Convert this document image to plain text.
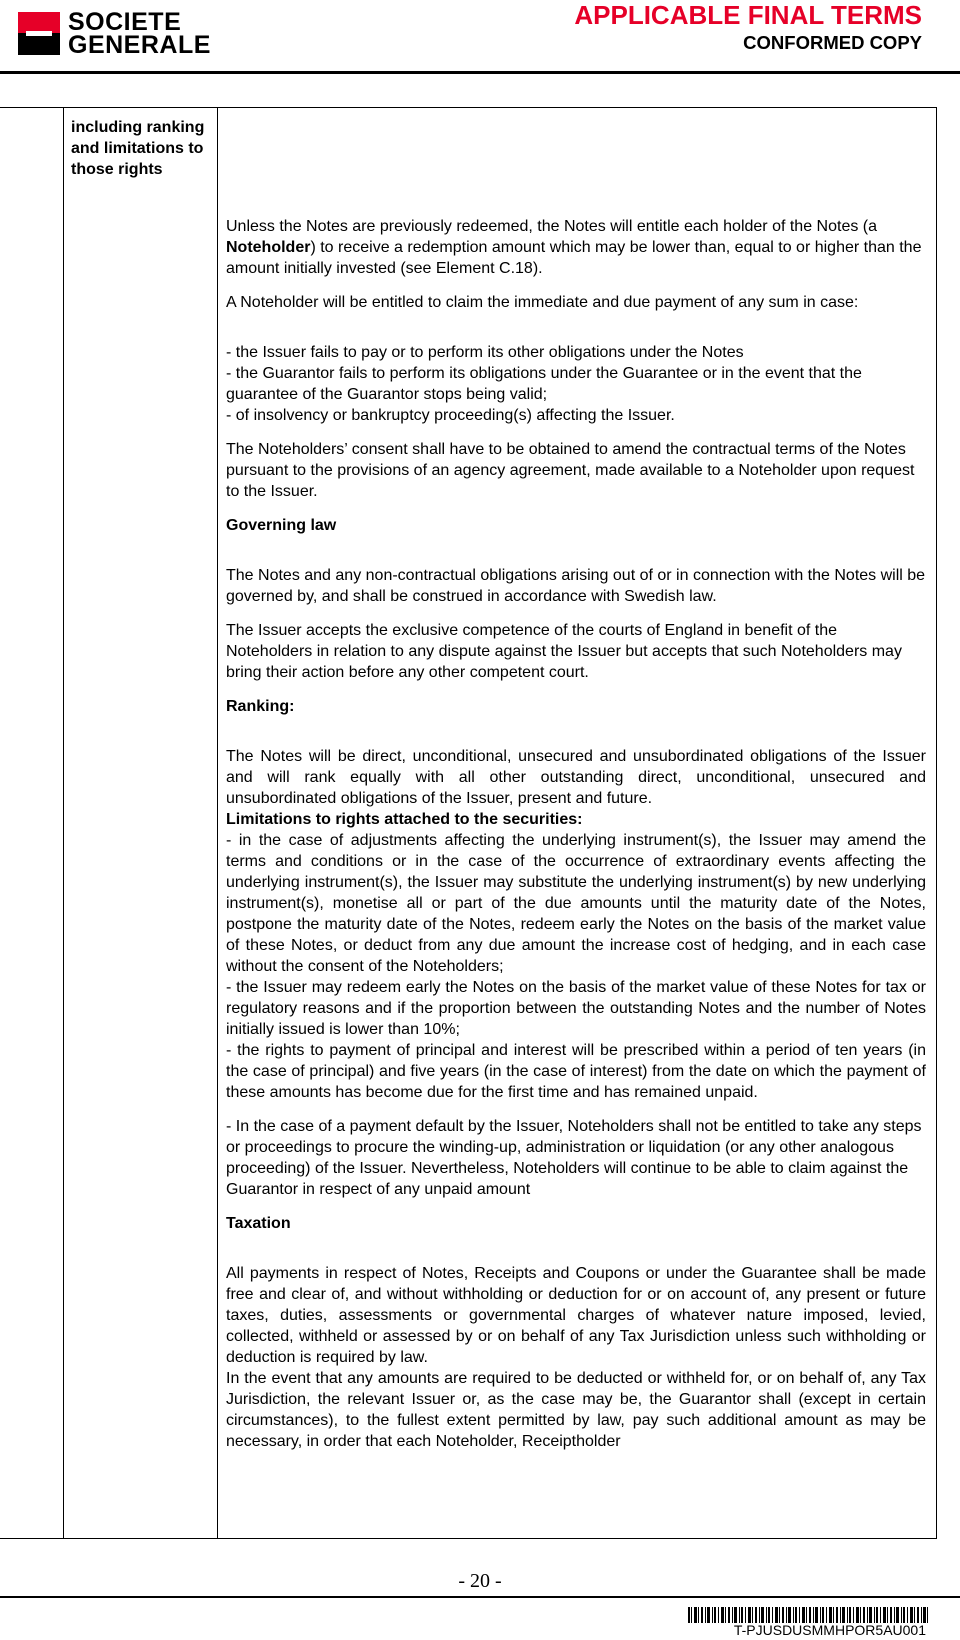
SOCIETE
GENERALE
APPLICABLE FINAL TERMS
CONFORMED COPY
including ranking and limitations to those rights

Unless the Notes are previously redeemed, the Notes will entitle each holder of the Notes (a Noteholder) to receive a redemption amount which may be lower than, equal to or higher than the amount initially invested (see Element C.18).

A Noteholder will be entitled to claim the immediate and due payment of any sum in case:

- the Issuer fails to pay or to perform its other obligations under the Notes

- the Guarantor fails to perform its obligations under the Guarantee or in the event that the guarantee of the Guarantor stops being valid;

- of insolvency or bankruptcy proceeding(s) affecting the Issuer.

The Noteholders’ consent shall have to be obtained to amend the contractual terms of the Notes pursuant to the provisions of an agency agreement, made available to a Noteholder upon request to the Issuer.

Governing law

The Notes and any non-contractual obligations arising out of or in connection with the Notes will be governed by, and shall be construed in accordance with Swedish law.

The Issuer accepts the exclusive competence of the courts of England in benefit of the Noteholders in relation to any dispute against the Issuer but accepts that such Noteholders may bring their action before any other competent court.

Ranking:

The Notes will be direct, unconditional, unsecured and unsubordinated obligations of the Issuer and will rank equally with all other outstanding direct, unconditional, unsecured and unsubordinated obligations of the Issuer, present and future.

Limitations to rights attached to the securities:

- in the case of adjustments affecting the underlying instrument(s), the Issuer may amend the terms and conditions or in the case of the occurrence of extraordinary events affecting the underlying instrument(s), the Issuer may substitute the underlying instrument(s) by new underlying instrument(s), monetise all or part of the due amounts until the maturity date of the Notes, postpone the maturity date of the Notes, redeem early the Notes on the basis of the market value of these Notes, or deduct from any due amount the increase cost of hedging, and in each case without the consent of the Noteholders;

- the Issuer may redeem early the Notes on the basis of the market value of these Notes for tax or regulatory reasons and if the proportion between the outstanding Notes and the number of Notes initially issued is lower than 10%;

- the rights to payment of principal and interest will be prescribed within a period of ten years (in the case of principal) and five years (in the case of interest) from the date on which the payment of these amounts has become due for the first time and has remained unpaid.

- In the case of a payment default by the Issuer, Noteholders shall not be entitled to take any steps or proceedings to procure the winding-up, administration or liquidation (or any other analogous proceeding) of the Issuer. Nevertheless, Noteholders will continue to be able to claim against the Guarantor in respect of any unpaid amount

Taxation

All payments in respect of Notes, Receipts and Coupons or under the Guarantee shall be made free and clear of, and without withholding or deduction for or on account of, any present or future taxes, duties, assessments or governmental charges of whatever nature imposed, levied, collected, withheld or assessed by or on behalf of any Tax Jurisdiction unless such withholding or deduction is required by law.

In the event that any amounts are required to be deducted or withheld for, or on behalf of, any Tax Jurisdiction, the relevant Issuer or, as the case may be, the Guarantor shall (except in certain circumstances), to the fullest extent permitted by law, pay such additional amount as may be necessary, in order that each Noteholder, Receiptholder

- 20 -
T-PJUSDUSMMHPOR5AU001
